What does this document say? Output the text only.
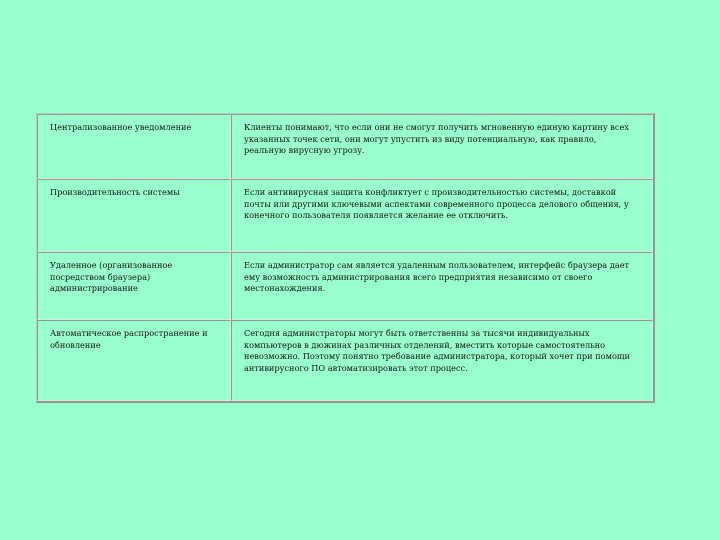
Централизованное уведомление	Клиенты понимают, что если они не смогут получить мгновенную единую картину всех указанных точек сети, они могут упустить из виду потенциальную, как правило, реальную вирусную угрозу.
Производительность системы	Если антивирусная защита конфликтует с производительностью системы, доставкой почты или другими ключевыми аспектами современного процесса делового общения, у конечного пользователя появляется желание ее отключить.
Удаленное (организованное посредством браузера) администрирование	Если администратор сам является удаленным пользователем, интерфейс браузера дает ему возможность администрирования всего предприятия независимо от своего местонахождения.
Автоматическое распространение и обновление	Сегодня администраторы могут быть ответственны за тысячи индивидуальных компьютеров в дюжинах различных отделений, вместить которые самостоятельно невозможно. Поэтому понятно требование администратора, который хочет при помощи антивирусного ПО автоматизировать этот процесс.
